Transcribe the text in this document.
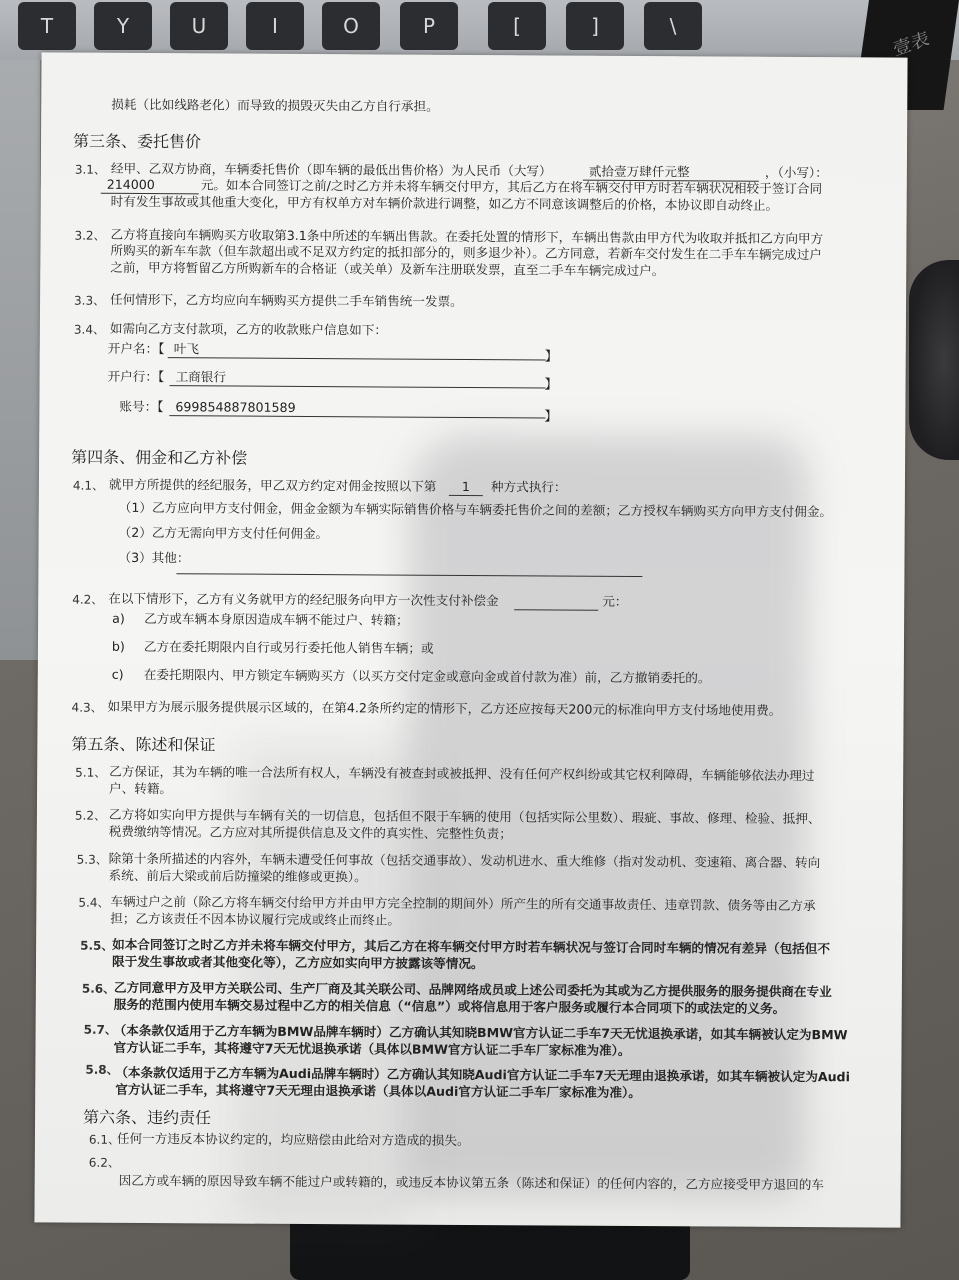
T	Y	U	I	O	P	[	]	\
壹表
损耗（比如线路老化）而导致的损毁灭失由乙方自行承担。
第三条、委托售价
3.1、 经甲、乙双方协商，车辆委托售价（即车辆的最低出售价格）为人民币（大写）	贰拾壹万肆仟元整	，（小写）：
214000	元。如本合同签订之前/之时乙方并未将车辆交付甲方，其后乙方在将车辆交付甲方时若车辆状况相较于签订合同
时有发生事故或其他重大变化，甲方有权单方对车辆价款进行调整，如乙方不同意该调整后的价格，本协议即自动终止。
3.2、 乙方将直接向车辆购买方收取第3.1条中所述的车辆出售款。在委托处置的情形下，车辆出售款由甲方代为收取并抵扣乙方向甲方
所购买的新车车款（但车款超出或不足双方约定的抵扣部分的，则多退少补）。乙方同意，若新车交付发生在二手车车辆完成过户
之前，甲方将暂留乙方所购新车的合格证（或关单）及新车注册联发票，直至二手车车辆完成过户。
3.3、 任何情形下，乙方均应向车辆购买方提供二手车销售统一发票。
3.4、 如需向乙方支付款项，乙方的收款账户信息如下：
开户名：【 叶飞
】
开户行：【 工商银行
】
账号：【 69985488780158​9
】
第四条、佣金和乙方补偿
4.1、 就甲方所提供的经纪服务，甲乙双方约定对佣金按照以下第	1	种方式执行：
（1）乙方应向甲方支付佣金，佣金金额为车辆实际销售价格与车辆委托售价之间的差额；乙方授权车辆购买方向甲方支付佣金。
（2）乙方无需向甲方支付任何佣金。
（3）其他：
4.2、 在以下情形下，乙方有义务就甲方的经纪服务向甲方一次性支付补偿金	元：
a) 乙方或车辆本身原因造成车辆不能过户、转籍；
b) 乙方在委托期限内自行或另行委托他人销售车辆；或
c) 在委托期限内、甲方锁定车辆购买方（以买方交付定金或意向金或首付款为准）前，乙方撤销委托的。
4.3、 如果甲方为展示服务提供展示区域的，在第4.2条所约定的情形下，乙方还应按每天200元的标准向甲方支付场地使用费。
第五条、陈述和保证
5.1、 乙方保证，其为车辆的唯一合法所有权人，车辆没有被查封或被抵押、没有任何产权纠纷或其它权利障碍，车辆能够依法办理过
户、转籍。
5.2、 乙方将如实向甲方提供与车辆有关的一切信息，包括但不限于车辆的使用（包括实际公里数）、瑕疵、事故、修理、检验、抵押、
税费缴纳等情况。乙方应对其所提供信息及文件的真实性、完整性负责；
5.3、 除第十条所描述的内容外，车辆未遭受任何事故（包括交通事故）、发动机进水、重大维修（指对发动机、变速箱、离合器、转向
系统、前后大梁或前后防撞梁的维修或更换）。
5.4、 车辆过户之前（除乙方将车辆交付给甲方并由甲方完全控制的期间外）所产生的所有交通事故责任、违章罚款、债务等由乙方承
担；乙方该责任不因本协议履行完成或终止而终止。
5.5、
如本合同签订之时乙方并未将车辆交付甲方，其后乙方在将车辆交付甲方时若车辆状况与签订合同时车辆的情况有差异（包括但不
限于发生事故或者其他变化等），乙方应如实向甲方披露该等情况。
5.6、
乙方同意甲方及甲方关联公司、生产厂商及其关联公司、品牌网络成员或上述公司委托为其或为乙方提供服务的服务提供商在专业
服务的范围内使用车辆交易过程中乙方的相关信息（“信息”）或将信息用于客户服务或履行本合同项下的或法定的义务。
5.7、
（本条款仅适用于乙方车辆为BMW品牌车辆时）乙方确认其知晓BMW官方认证二手车7天无忧退换承诺，如其车辆被认定为BMW
官方认证二手车，其将遵守7天无忧退换承诺（具体以BMW官方认证二手车厂家标准为准）。
5.8、
（本条款仅适用于乙方车辆为Audi品牌车辆时）乙方确认其知晓Audi官方认证二手车7天无理由退换承诺，如其车辆被认定为Audi
官方认证二手车，其将遵守7天无理由退换承诺（具体以Audi官方认证二手车厂家标准为准）。
第六条、违约责任
6.1、
任何一方违反本协议约定的，均应赔偿由此给对方造成的损失。
6.2、
因乙方或车辆的原因导致车辆不能过户或转籍的，或违反本协议第五条（陈述和保证）的任何内容的，乙方应接受甲方退回的车
